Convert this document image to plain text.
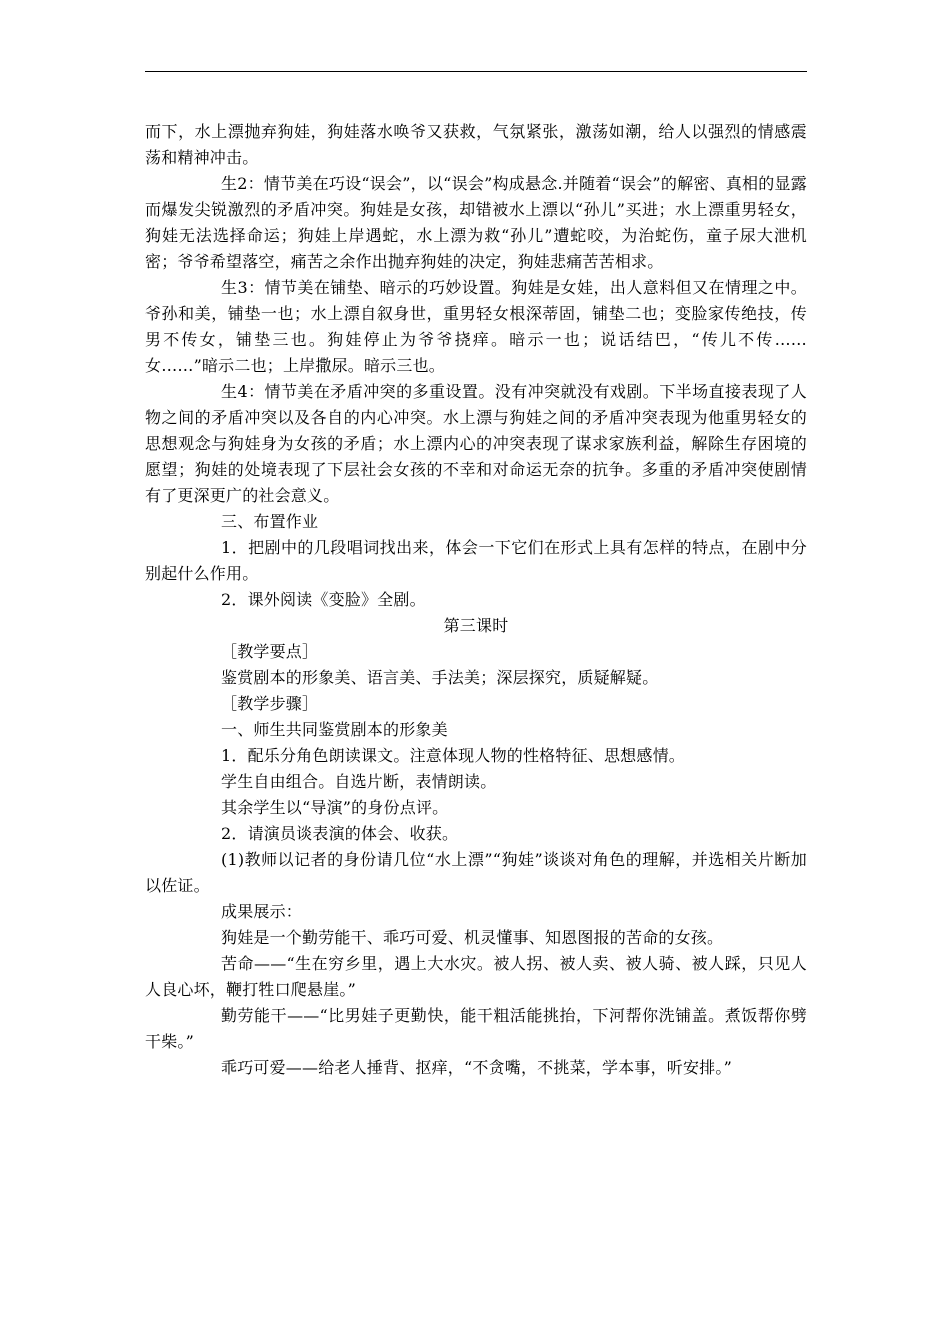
而下，水上漂抛弃狗娃，狗娃落水唤爷又获救，气氛紧张，激荡如潮，给人以强烈的情感震荡和精神冲击。

生2：情节美在巧设“误会”，以“误会”构成悬念.并随着“误会”的解密、真相的显露而爆发尖锐激烈的矛盾冲突。狗娃是女孩，却错被水上漂以“孙儿”买进；水上漂重男轻女，狗娃无法选择命运；狗娃上岸遇蛇，水上漂为救“孙儿”遭蛇咬，为治蛇伤，童子尿大泄机密；爷爷希望落空，痛苦之余作出抛弃狗娃的决定，狗娃悲痛苦苦相求。

生3：情节美在铺垫、暗示的巧妙设置。狗娃是女娃，出人意料但又在情理之中。爷孙和美，铺垫一也；水上漂自叙身世，重男轻女根深蒂固，铺垫二也；变脸家传绝技，传男不传女，铺垫三也。狗娃停止为爷爷挠痒。暗示一也；说话结巴，“传儿不传……女……”暗示二也；上岸撒尿。暗示三也。

生4：情节美在矛盾冲突的多重设置。没有冲突就没有戏剧。下半场直接表现了人物之间的矛盾冲突以及各自的内心冲突。水上漂与狗娃之间的矛盾冲突表现为他重男轻女的思想观念与狗娃身为女孩的矛盾；水上漂内心的冲突表现了谋求家族利益，解除生存困境的愿望；狗娃的处境表现了下层社会女孩的不幸和对命运无奈的抗争。多重的矛盾冲突使剧情有了更深更广的社会意义。

三、布置作业

1．把剧中的几段唱词找出来，体会一下它们在形式上具有怎样的特点，在剧中分别起什么作用。

2．课外阅读《变脸》全剧。

第三课时

［教学要点］

鉴赏剧本的形象美、语言美、手法美；深层探究，质疑解疑。

［教学步骤］

一、师生共同鉴赏剧本的形象美

1．配乐分角色朗读课文。注意体现人物的性格特征、思想感情。

学生自由组合。自选片断，表情朗读。

其余学生以“导演”的身份点评。

2．请演员谈表演的体会、收获。

(1)教师以记者的身份请几位“水上漂”“狗娃”谈谈对角色的理解，并选相关片断加以佐证。

成果展示：

狗娃是一个勤劳能干、乖巧可爱、机灵懂事、知恩图报的苦命的女孩。

苦命——“生在穷乡里，遇上大水灾。被人拐、被人卖、被人骑、被人踩，只见人人良心坏，鞭打牲口爬悬崖。”

勤劳能干——“比男娃子更勤快，能干粗活能挑抬，下河帮你洗铺盖。煮饭帮你劈干柴。”

乖巧可爱——给老人捶背、抠痒，“不贪嘴，不挑菜，学本事，听安排。”
